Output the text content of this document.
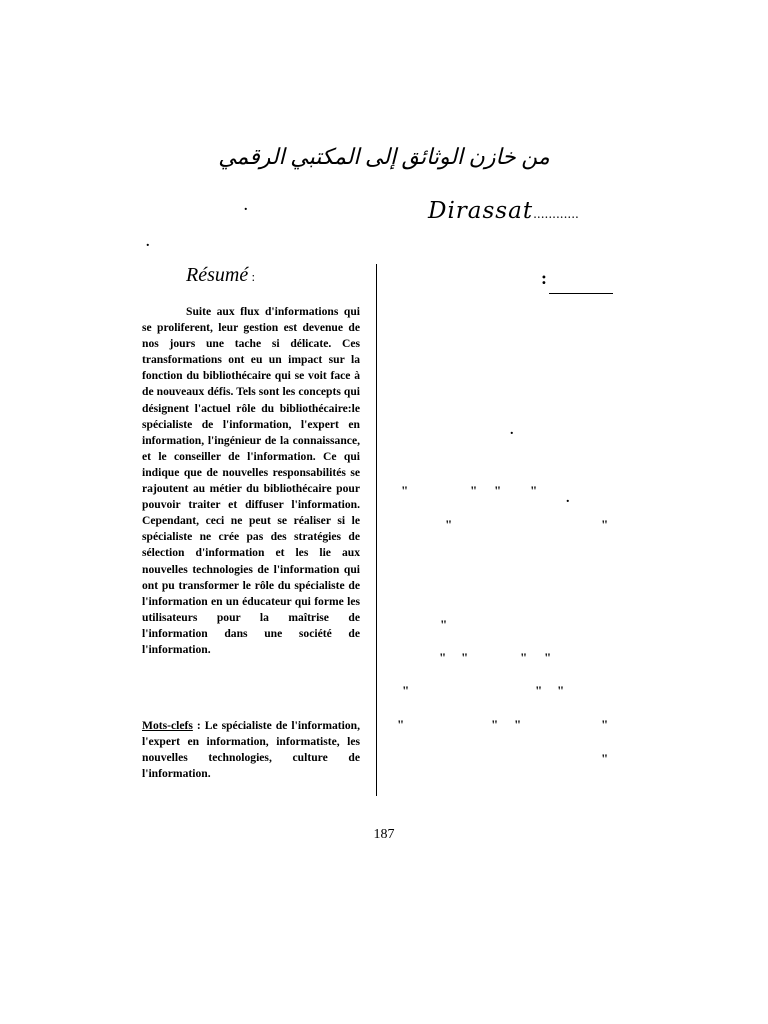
من خازن الوثائق إلى المكتبي الرقمي
Dirassat............
.
.
Résumé :

Suite aux flux d'informations qui se proliferent, leur gestion est devenue de nos jours une tache si délicate. Ces transformations ont eu un impact sur la fonction du bibliothécaire qui se voit face à de nouveaux défis. Tels sont les concepts qui désignent l'actuel rôle du bibliothécaire:le spécialiste de l'information, l'expert en information, l'ingénieur de la connaissance, et le conseiller de l'information. Ce qui indique que de nouvelles responsabilités se rajoutent au métier du bibliothécaire pour pouvoir traiter et diffuser l'information. Cependant, ceci ne peut se réaliser si le spécialiste ne crée pas des stratégies de sélection d'information et les lie aux nouvelles technologies de l'information qui ont pu transformer le rôle du spécialiste de l'information en un éducateur qui forme les utilisateurs pour la maîtrise de l'information dans une société de l'information.

Mots-clefs : Le spécialiste de l'information, l'expert en information, informatiste, les nouvelles technologies, culture de l'information.

:
.
.
"	" " "
"	"
"
" "	" "
"	" "
"	" "	"
"
187
